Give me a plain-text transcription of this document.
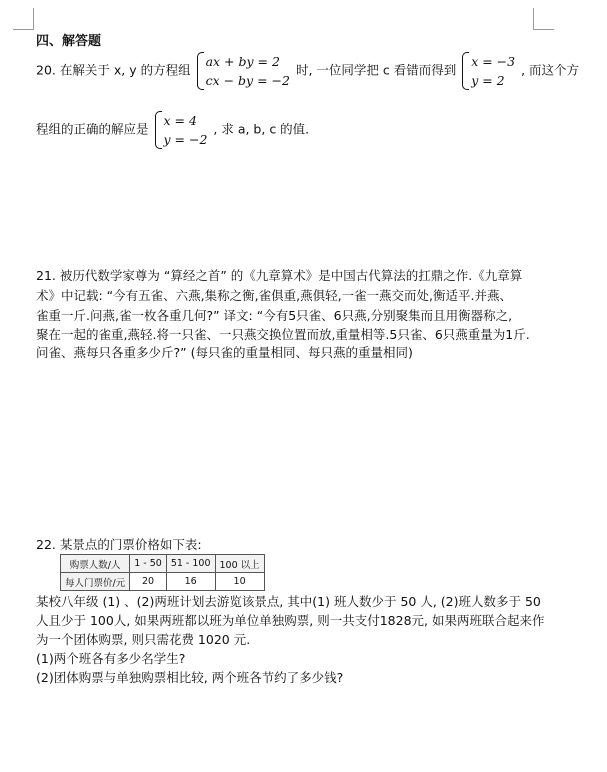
四、解答题
20. 在解关于 x, y 的方程组
ax + by = 2
cx − by = −2
时, 一位同学把 c 看错而得到
x = −3
y = 2
, 而这个方
程组的正确的解应是
x = 4
y = −2
, 求 a, b, c 的值.
21. 被历代数学家尊为 “算经之首” 的《九章算术》是中国古代算法的扛鼎之作.《九章算
术》中记载: “今有五雀、六燕,集称之衡,雀俱重,燕俱轻,一雀一燕交而处,衡适平.并燕、
雀重一斤.问燕,雀一枚各重几何?” 译文: “今有5只雀、6只燕,分别聚集而且用衡器称之,
聚在一起的雀重,燕轻.将一只雀、一只燕交换位置而放,重量相等.5只雀、6只燕重量为1斤.
问雀、燕每只各重多少斤?” (每只雀的重量相同、每只燕的重量相同)
22. 某景点的门票价格如下表:
购票人数/人	1 - 50	51 - 100	100 以上
每人门票价/元	20	16	10
某校八年级 (1) 、(2)两班计划去游览该景点, 其中(1) 班人数少于 50 人, (2)班人数多于 50
人且少于 100人, 如果两班都以班为单位单独购票, 则一共支付1828元, 如果两班联合起来作
为一个团体购票, 则只需花费 1020 元.
(1)两个班各有多少名学生?
(2)团体购票与单独购票相比较, 两个班各节约了多少钱?
